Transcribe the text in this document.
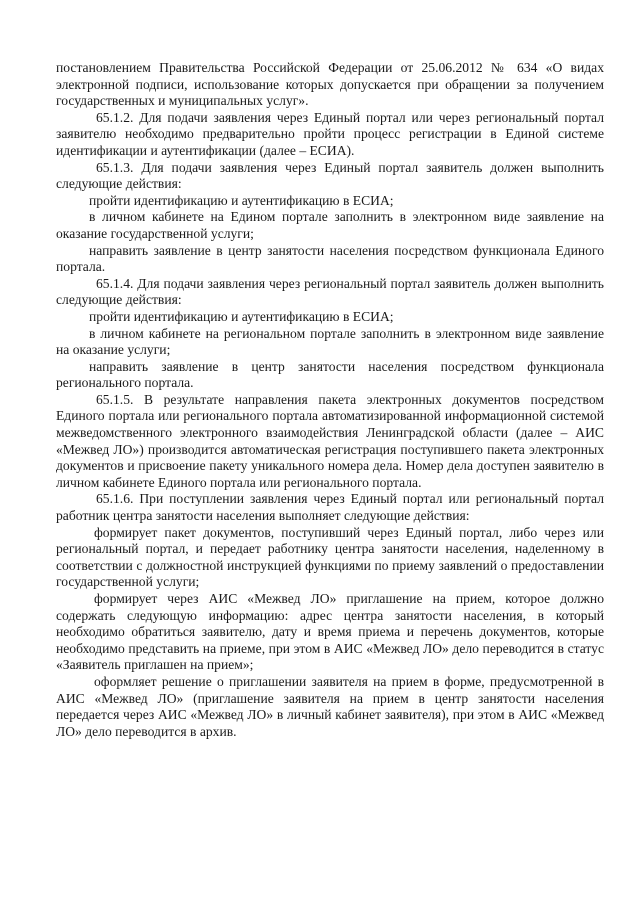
постановлением Правительства Российской Федерации от 25.06.2012 № 634 «О видах электронной подписи, использование которых допускается при обращении за получением государственных и муниципальных услуг».

65.1.2. Для подачи заявления через Единый портал или через региональный портал заявителю необходимо предварительно пройти процесс регистрации в Единой системе идентификации и аутентификации (далее – ЕСИА).

65.1.3. Для подачи заявления через Единый портал заявитель должен выполнить следующие действия:

пройти идентификацию и аутентификацию в ЕСИА;

в личном кабинете на Едином портале заполнить в электронном виде заявление на оказание государственной услуги;

направить заявление в центр занятости населения посредством функционала Единого портала.

65.1.4. Для подачи заявления через региональный портал заявитель должен выполнить следующие действия:

пройти идентификацию и аутентификацию в ЕСИА;

в личном кабинете на региональном портале заполнить в электронном виде заявление на оказание услуги;

направить заявление в центр занятости населения посредством функционала регионального портала.

65.1.5. В результате направления пакета электронных документов посредством Единого портала или регионального портала автоматизированной информационной системой межведомственного электронного взаимодействия Ленинградской области (далее – АИС «Межвед ЛО») производится автоматическая регистрация поступившего пакета электронных документов и присвоение пакету уникального номера дела. Номер дела доступен заявителю в личном кабинете Единого портала или регионального портала.

65.1.6. При поступлении заявления через Единый портал или региональный портал работник центра занятости населения выполняет следующие действия:

формирует пакет документов, поступивший через Единый портал, либо через или региональный портал, и передает работнику центра занятости населения, наделенному в соответствии с должностной инструкцией функциями по приему заявлений о предоставлении государственной услуги;

формирует через АИС «Межвед ЛО» приглашение на прием, которое должно содержать следующую информацию: адрес центра занятости населения, в который необходимо обратиться заявителю, дату и время приема и перечень документов, которые необходимо представить на приеме, при этом в АИС «Межвед ЛО» дело переводится в статус «Заявитель приглашен на прием»;

оформляет решение о приглашении заявителя на прием в форме, предусмотренной в АИС «Межвед ЛО» (приглашение заявителя на прием в центр занятости населения передается через АИС «Межвед ЛО» в личный кабинет заявителя), при этом в АИС «Межвед ЛО» дело переводится в архив.
